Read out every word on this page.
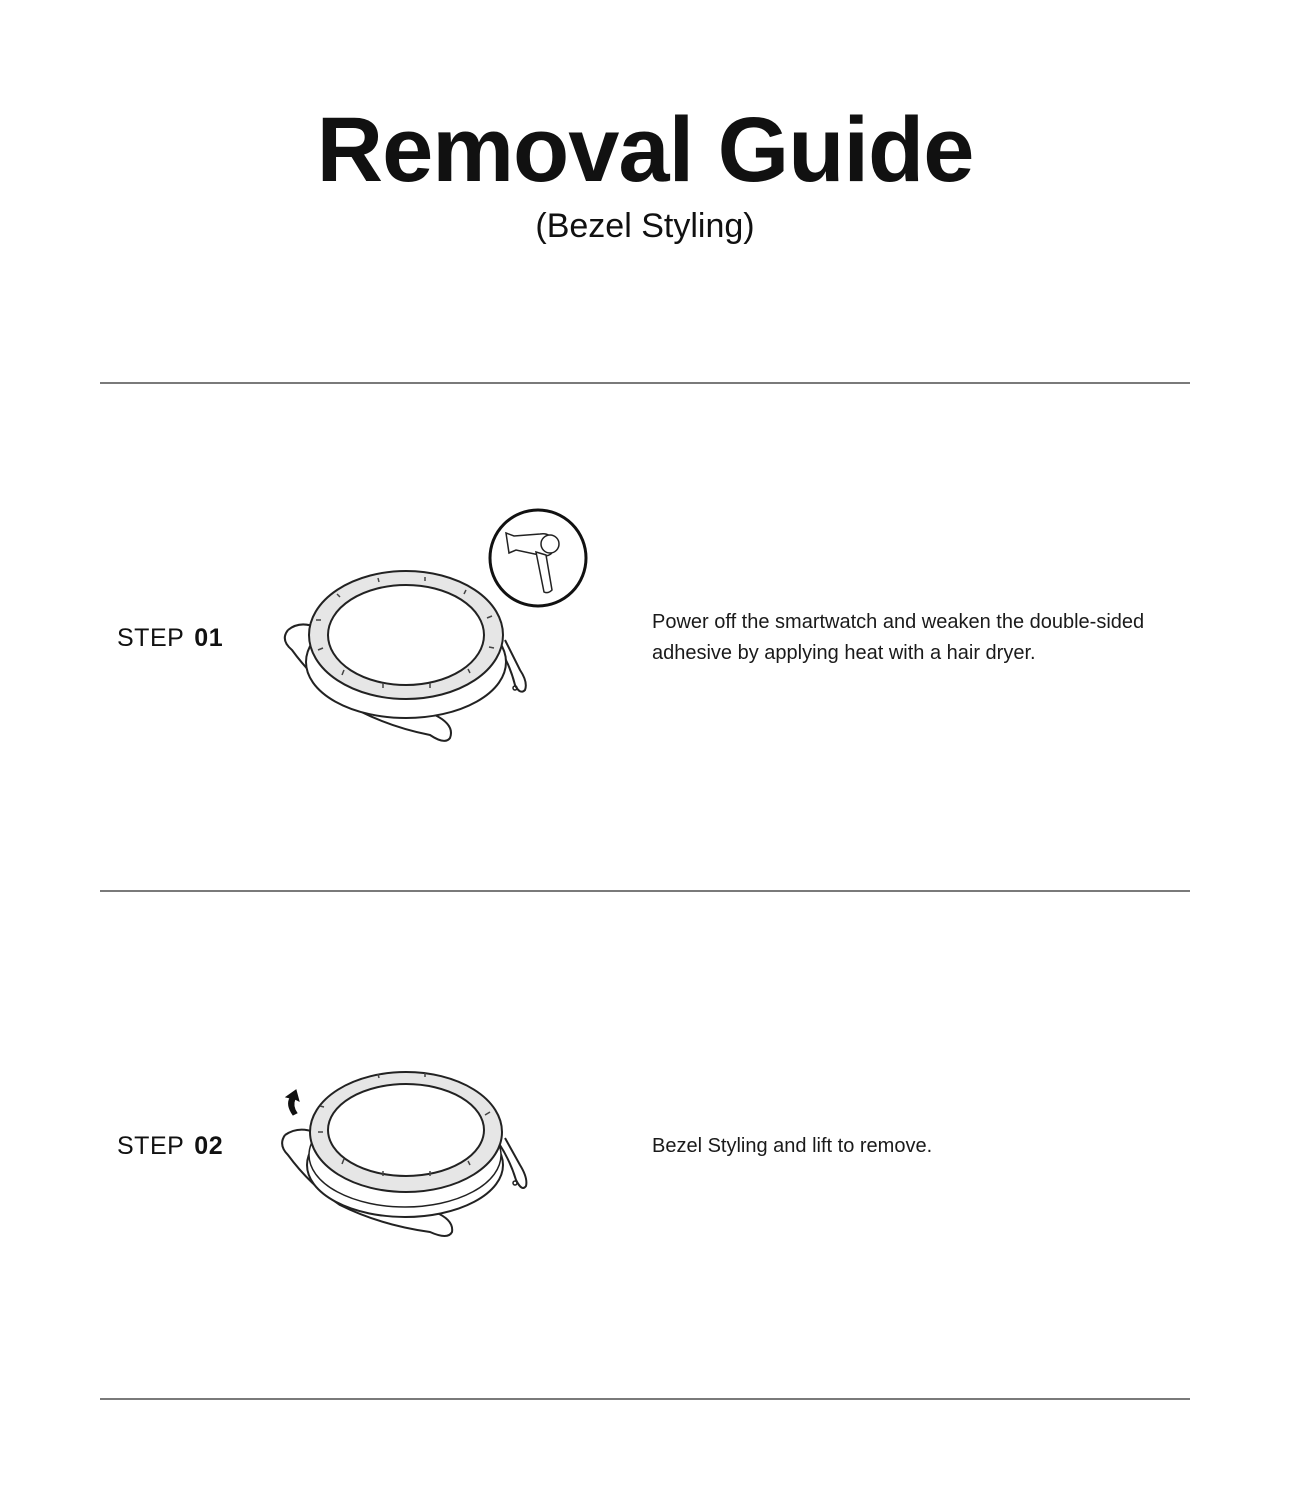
Removal Guide
(Bezel Styling)
STEP 01
Power off the smartwatch and weaken the double-sided adhesive by applying heat with a hair dryer.
STEP 02	Bezel Styling and lift to remove.
